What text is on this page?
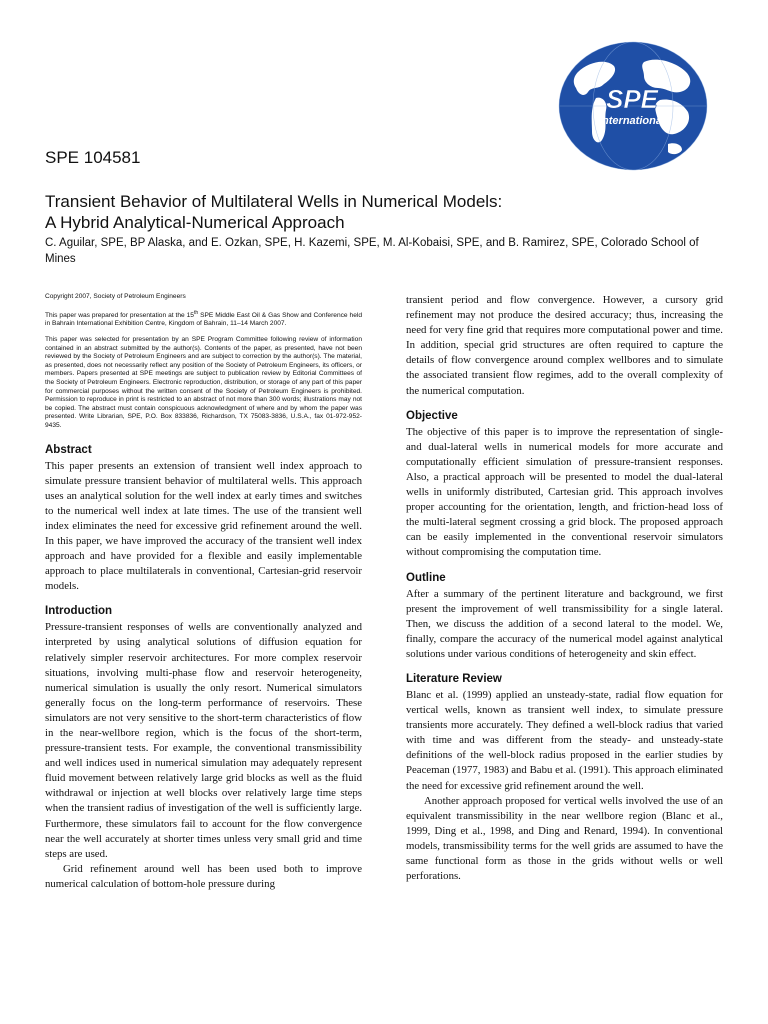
SPE
International
SPE 104581
Transient Behavior of Multilateral Wells in Numerical Models:
A Hybrid Analytical-Numerical Approach
C. Aguilar, SPE, BP Alaska, and E. Ozkan, SPE, H. Kazemi, SPE, M. Al-Kobaisi, SPE, and B. Ramirez, SPE, Colorado School of Mines

Copyright 2007, Society of Petroleum Engineers

This paper was prepared for presentation at the 15th SPE Middle East Oil & Gas Show and Conference held in Bahrain International Exhibition Centre, Kingdom of Bahrain, 11–14 March 2007.

This paper was selected for presentation by an SPE Program Committee following review of information contained in an abstract submitted by the author(s). Contents of the paper, as presented, have not been reviewed by the Society of Petroleum Engineers and are subject to correction by the author(s). The material, as presented, does not necessarily reflect any position of the Society of Petroleum Engineers, its officers, or members. Papers presented at SPE meetings are subject to publication review by Editorial Committees of the Society of Petroleum Engineers. Electronic reproduction, distribution, or storage of any part of this paper for commercial purposes without the written consent of the Society of Petroleum Engineers is prohibited. Permission to reproduce in print is restricted to an abstract of not more than 300 words; illustrations may not be copied. The abstract must contain conspicuous acknowledgment of where and by whom the paper was presented. Write Librarian, SPE, P.O. Box 833836, Richardson, TX 75083-3836, U.S.A., fax 01-972-952-9435.

Abstract

This paper presents an extension of transient well index approach to simulate pressure transient behavior of multilateral wells. This approach uses an analytical solution for the well index at early times and switches to the numerical well index at late times. The use of the transient well index eliminates the need for excessive grid refinement around the well. In this paper, we have improved the accuracy of the transient well index approach and have provided for a flexible and easily implementable approach to place multilaterals in conventional, Cartesian-grid reservoir models.

Introduction

Pressure-transient responses of wells are conventionally analyzed and interpreted by using analytical solutions of diffusion equation for relatively simpler reservoir architectures. For more complex reservoir situations, involving multi-phase flow and reservoir heterogeneity, numerical simulation is usually the only resort. Numerical simulators generally focus on the long-term performance of reservoirs. These simulators are not very sensitive to the short-term characteristics of flow in the near-wellbore region, which is the focus of the short-term, pressure-transient tests. For example, the conventional transmissibility and well indices used in numerical simulation may adequately represent fluid movement between relatively large grid blocks as well as the fluid withdrawal or injection at well blocks over relatively large time steps when the transient radius of investigation of the well is sufficiently large. Furthermore, these simulators fail to account for the flow convergence near the well accurately at shorter times unless very small grid and time steps are used.

Grid refinement around well has been used both to improve numerical calculation of bottom-hole pressure during

transient period and flow convergence. However, a cursory grid refinement may not produce the desired accuracy; thus, increasing the need for very fine grid that requires more computational power and time. In addition, special grid structures are often required to capture the details of flow convergence around complex wellbores and to simulate the associated transient flow regimes, add to the overall complexity of the numerical computation.

Objective

The objective of this paper is to improve the representation of single- and dual-lateral wells in numerical models for more accurate and computationally efficient simulation of pressure-transient responses. Also, a practical approach will be presented to model the dual-lateral wells in uniformly distributed, Cartesian grid. This approach involves proper accounting for the orientation, length, and friction-head loss of the multi-lateral segment crossing a grid block. The proposed approach can be easily implemented in the conventional reservoir simulators without compromising the computation time.

Outline

After a summary of the pertinent literature and background, we first present the improvement of well transmissibility for a single lateral. Then, we discuss the addition of a second lateral to the model. We, finally, compare the accuracy of the numerical model against analytical solutions under various conditions of heterogeneity and skin effect.

Literature Review

Blanc et al. (1999) applied an unsteady-state, radial flow equation for vertical wells, known as transient well index, to simulate pressure transients more accurately. They defined a well-block radius that varied with time and was different from the steady- and unsteady-state definitions of the well-block radius proposed in the earlier studies by Peaceman (1977, 1983) and Babu et al. (1991). This approach eliminated the need for excessive grid refinement around the well.

Another approach proposed for vertical wells involved the use of an equivalent transmissibility in the near wellbore region (Blanc et al., 1999, Ding et al., 1998, and Ding and Renard, 1994). In conventional models, transmissibility terms for the well grids are assumed to have the same functional form as those in the grids without wells or well perforations.
